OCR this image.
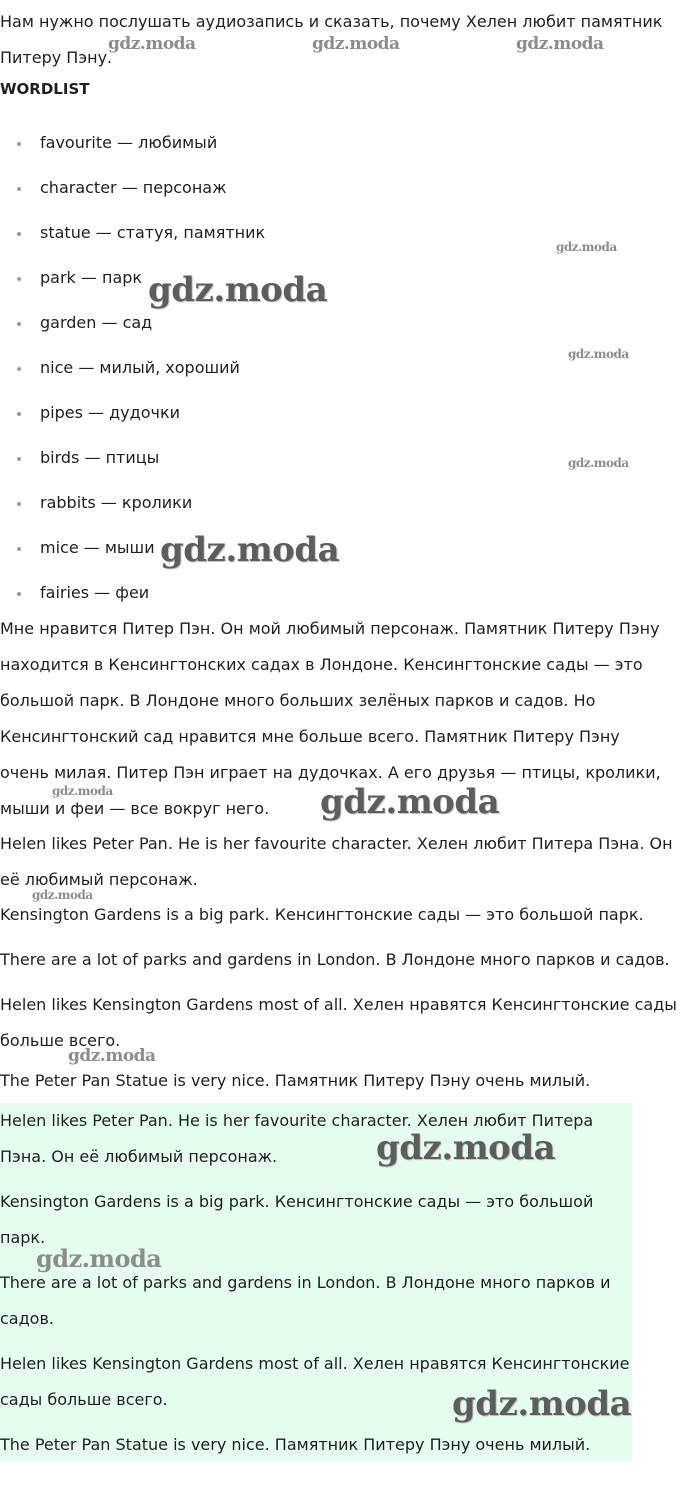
Нам нужно послушать аудиозапись и сказать, почему Хелен любит памятник Питеру Пэну.

WORDLIST
favourite — любимый
character — персонаж
statue — статуя, памятник
park — парк
garden — сад
nice — милый, хороший
pipes — дудочки
birds — птицы
rabbits — кролики
mice — мыши
fairies — феи

Мне нравится Питер Пэн. Он мой любимый персонаж. Памятник Питеру Пэну находится в Кенсингтонских садах в Лондоне. Кенсингтонские сады — это большой парк. В Лондоне много больших зелёных парков и садов. Но Кенсингтонский сад нравится мне больше всего. Памятник Питеру Пэну очень милая. Питер Пэн играет на дудочках. А его друзья — птицы, кролики, мыши и феи — все вокруг него.

Helen likes Peter Pan. He is her favourite character. Хелен любит Питера Пэна. Он её любимый персонаж.

Kensington Gardens is a big park. Кенсингтонские сады — это большой парк.

There are a lot of parks and gardens in London. В Лондоне много парков и садов.

Helen likes Kensington Gardens most of all. Хелен нравятся Кенсингтонские сады больше всего.

The Peter Pan Statue is very nice. Памятник Питеру Пэну очень милый.

Helen likes Peter Pan. He is her favourite character. Хелен любит Питера Пэна. Он её любимый персонаж.

Kensington Gardens is a big park. Кенсингтонские сады — это большой парк.

There are a lot of parks and gardens in London. В Лондоне много парков и садов.

Helen likes Kensington Gardens most of all. Хелен нравятся Кенсингтонские сады больше всего.

The Peter Pan Statue is very nice. Памятник Питеру Пэну очень милый.

gdz.moda	gdz.moda	gdz.moda
gdz.moda
gdz.moda
gdz.moda
gdz.moda
gdz.moda
gdz.moda	gdz.moda
gdz.moda
gdz.moda
gdz.moda
gdz.moda
gdz.moda
